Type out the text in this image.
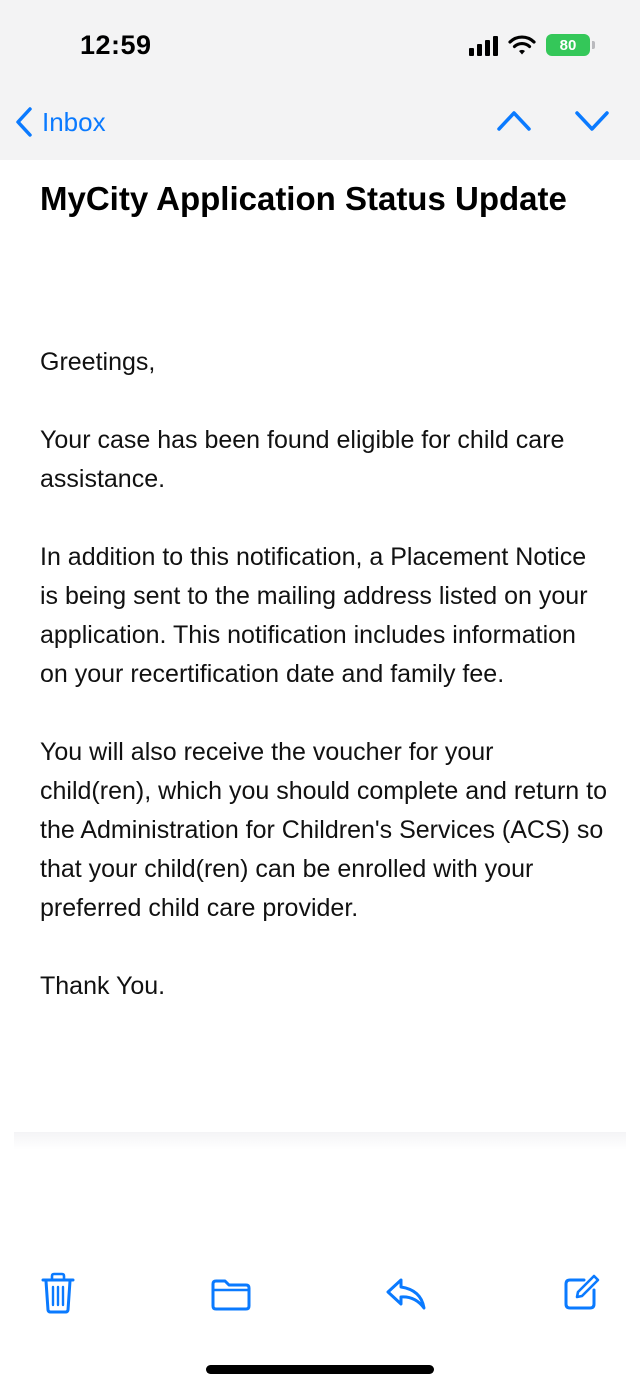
12:59	80
Inbox
MyCity Application Status Update

Greetings,

Your case has been found eligible for child care assistance.

In addition to this notification, a Placement Notice is being sent to the mailing address listed on your application. This notification includes information on your recertification date and family fee.

You will also receive the voucher for your child(ren), which you should complete and return to the Administration for Children's Services (ACS) so that your child(ren) can be enrolled with your preferred child care provider.

Thank You.
